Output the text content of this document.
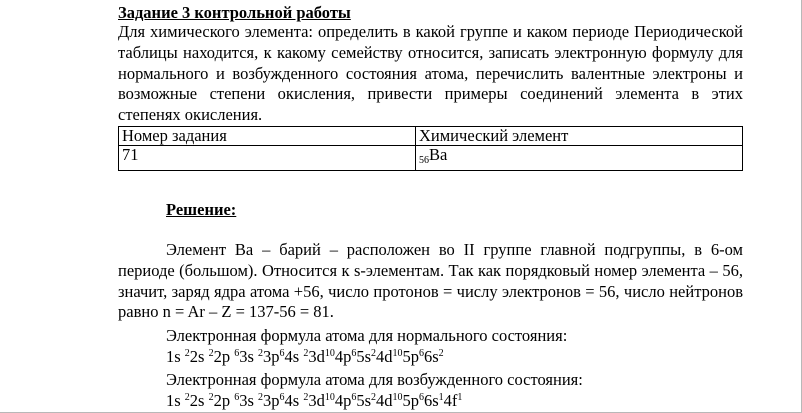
Задание 3 контрольной работы

Для химического элемента: определить в какой группе и каком периоде Периодической таблицы находится, к какому семейству относится, записать электронную формулу для нормального и возбужденного состояния атома, перечислить валентные электроны и возможные степени окисления, привести примеры соединений элемента в этих степенях окисления.

Номер задания	Химический элемент
71	$_{56}$Ba
Решение:

Элемент Ba – барий – расположен во II группе главной подгруппы, в 6-ом периоде (большом). Относится к s-элементам. Так как порядковый номер элемента – 56, значит, заряд ядра атома +56, число протонов = числу электронов = 56, число нейтронов равно n = Ar – Z = 137-56 = 81.

Электронная формула атома для нормального состояния:
1s $^2$2s $^2$2p $^6$3s $^23p^64s$ $^23d^{10}4p^65s^24d^{10}5p^66s^2$
Электронная формула атома для возбужденного состояния:
1s $^2$2s $^2$2p $^6$3s $^23p^64s$ $^23d^{10}4p^65s^24d^{10}5p^66s^14f^1$
